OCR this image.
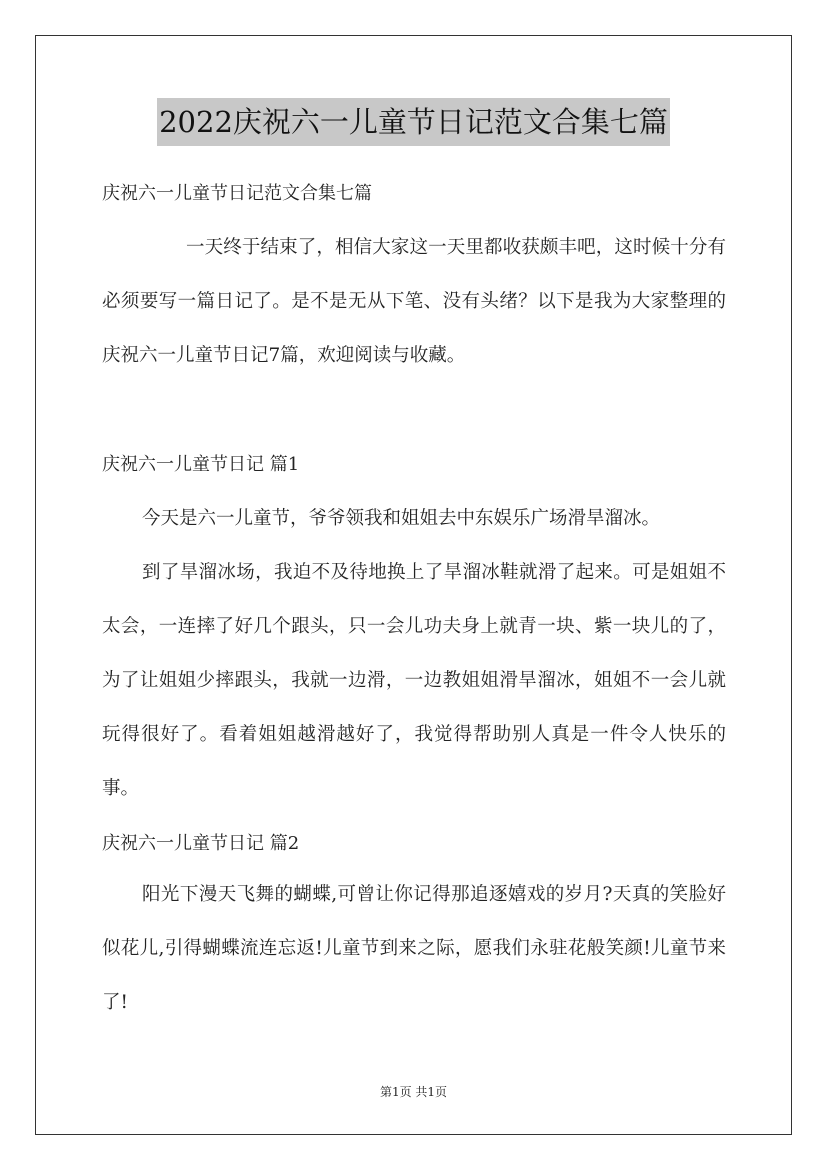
2022庆祝六一儿童节日记范文合集七篇

庆祝六一儿童节日记范文合集七篇

一天终于结束了，相信大家这一天里都收获颇丰吧，这时候十分有必须要写一篇日记了。是不是无从下笔、没有头绪？以下是我为大家整理的庆祝六一儿童节日记7篇，欢迎阅读与收藏。

庆祝六一儿童节日记 篇1

今天是六一儿童节，爷爷领我和姐姐去中东娱乐广场滑旱溜冰。

到了旱溜冰场，我迫不及待地换上了旱溜冰鞋就滑了起来。可是姐姐不太会，一连摔了好几个跟头，只一会儿功夫身上就青一块、紫一块儿的了，为了让姐姐少摔跟头，我就一边滑，一边教姐姐滑旱溜冰，姐姐不一会儿就玩得很好了。看着姐姐越滑越好了，我觉得帮助别人真是一件令人快乐的事。

庆祝六一儿童节日记 篇2

阳光下漫天飞舞的蝴蝶,可曾让你记得那追逐嬉戏的岁月?天真的笑脸好似花儿,引得蝴蝶流连忘返!儿童节到来之际，愿我们永驻花般笑颜!儿童节来了!

第1页 共1页
